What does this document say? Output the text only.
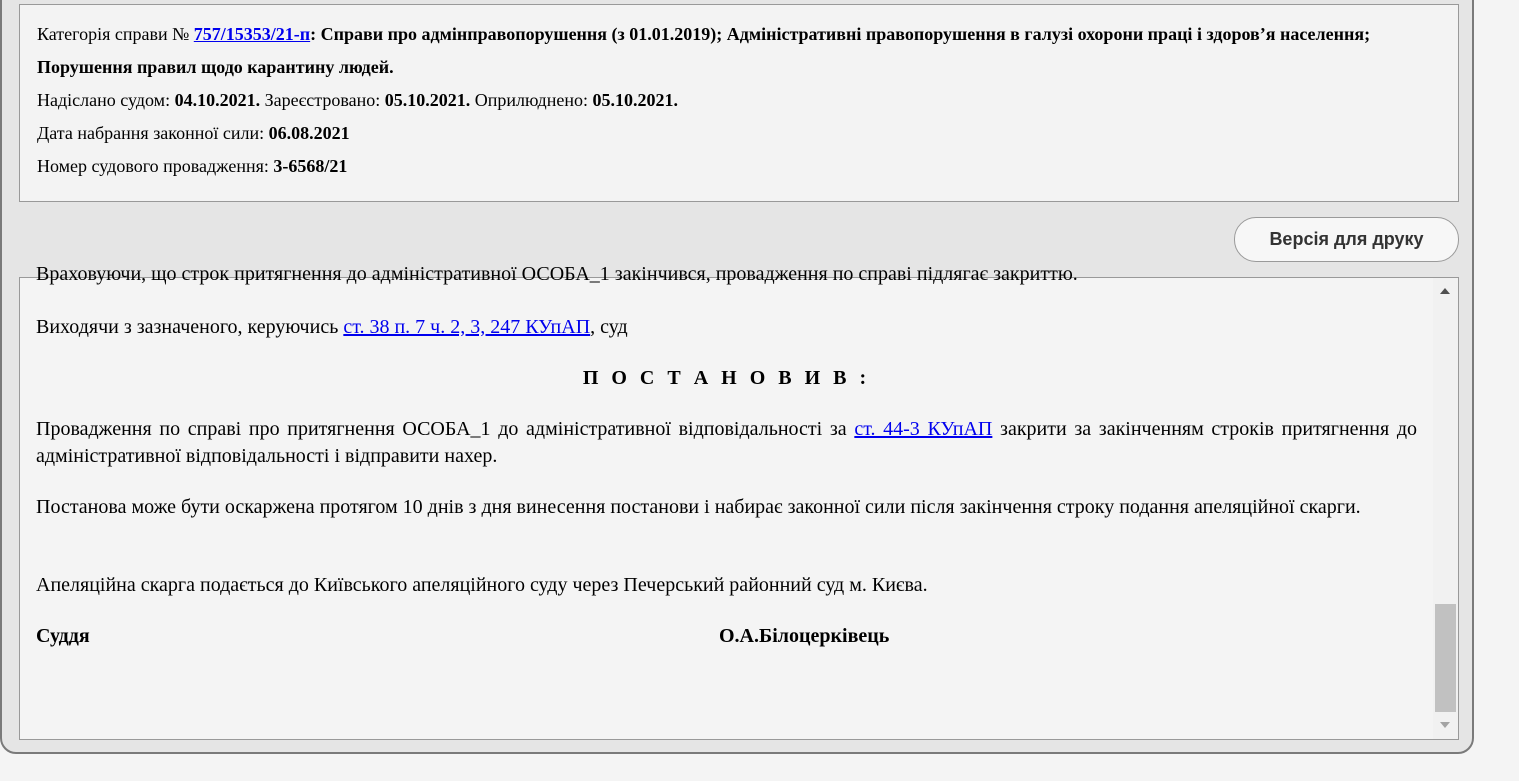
Категорія справи № 757/15353/21-п: Справи про адмінправопорушення (з 01.01.2019); Адміністративні правопорушення в галузі охорони праці і здоров’я населення; Порушення правил щодо карантину людей.
Надіслано судом: 04.10.2021. Зареєстровано: 05.10.2021. Оприлюднено: 05.10.2021.
Дата набрання законної сили: 06.08.2021
Номер судового провадження: 3-6568/21
Версія для друку
Враховуючи, що строк притягнення до адміністративної ОСОБА_1 закінчився, провадження по справі підлягає закриттю.

Виходячи з зазначеного, керуючись ст. 38 п. 7 ч. 2, 3, 247 КУпАП, суд

П О С Т А Н О В И В :

Провадження по справі про притягнення ОСОБА_1 до адміністративної відповідальності за ст. 44-3 КУпАП закрити за закінченням строків притягнення до адміністративної відповідальності і відправити нахер.

Постанова може бути оскаржена протягом 10 днів з дня винесення постанови і набирає законної сили після закінчення строку подання апеляційної скарги.

Апеляційна скарга подається до Київського апеляційного суду через Печерський районний суд м. Києва.

Суддя	О.А.Білоцерківець
